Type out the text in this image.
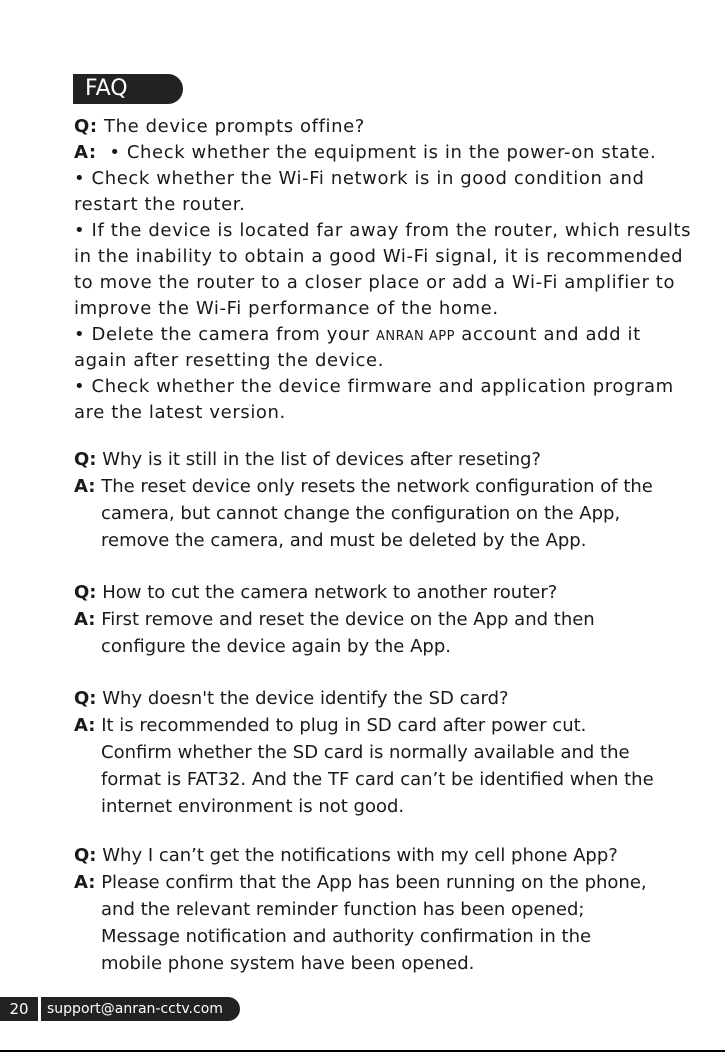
FAQ
Q: The device prompts offine?
A: • Check whether the equipment is in the power-on state.
• Check whether the Wi-Fi network is in good condition and
restart the router.
• If the device is located far away from the router, which results
in the inability to obtain a good Wi-Fi signal, it is recommended
to move the router to a closer place or add a Wi-Fi amplifier to
improve the Wi-Fi performance of the home.
• Delete the camera from your ANRAN APP account and add it
again after resetting the device.
• Check whether the device firmware and application program
are the latest version.
Q: Why is it still in the list of devices after reseting?
A: The reset device only resets the network configuration of the
camera, but cannot change the configuration on the App,
remove the camera, and must be deleted by the App.
Q: How to cut the camera network to another router?
A: First remove and reset the device on the App and then
configure the device again by the App.
Q: Why doesn't the device identify the SD card?
A: It is recommended to plug in SD card after power cut.
Confirm whether the SD card is normally available and the
format is FAT32. And the TF card can’t be identified when the
internet environment is not good.
Q: Why I can’t get the notifications with my cell phone App?
A: Please confirm that the App has been running on the phone,
and the relevant reminder function has been opened;
Message notification and authority confirmation in the
mobile phone system have been opened.
20	support@anran-cctv.com
